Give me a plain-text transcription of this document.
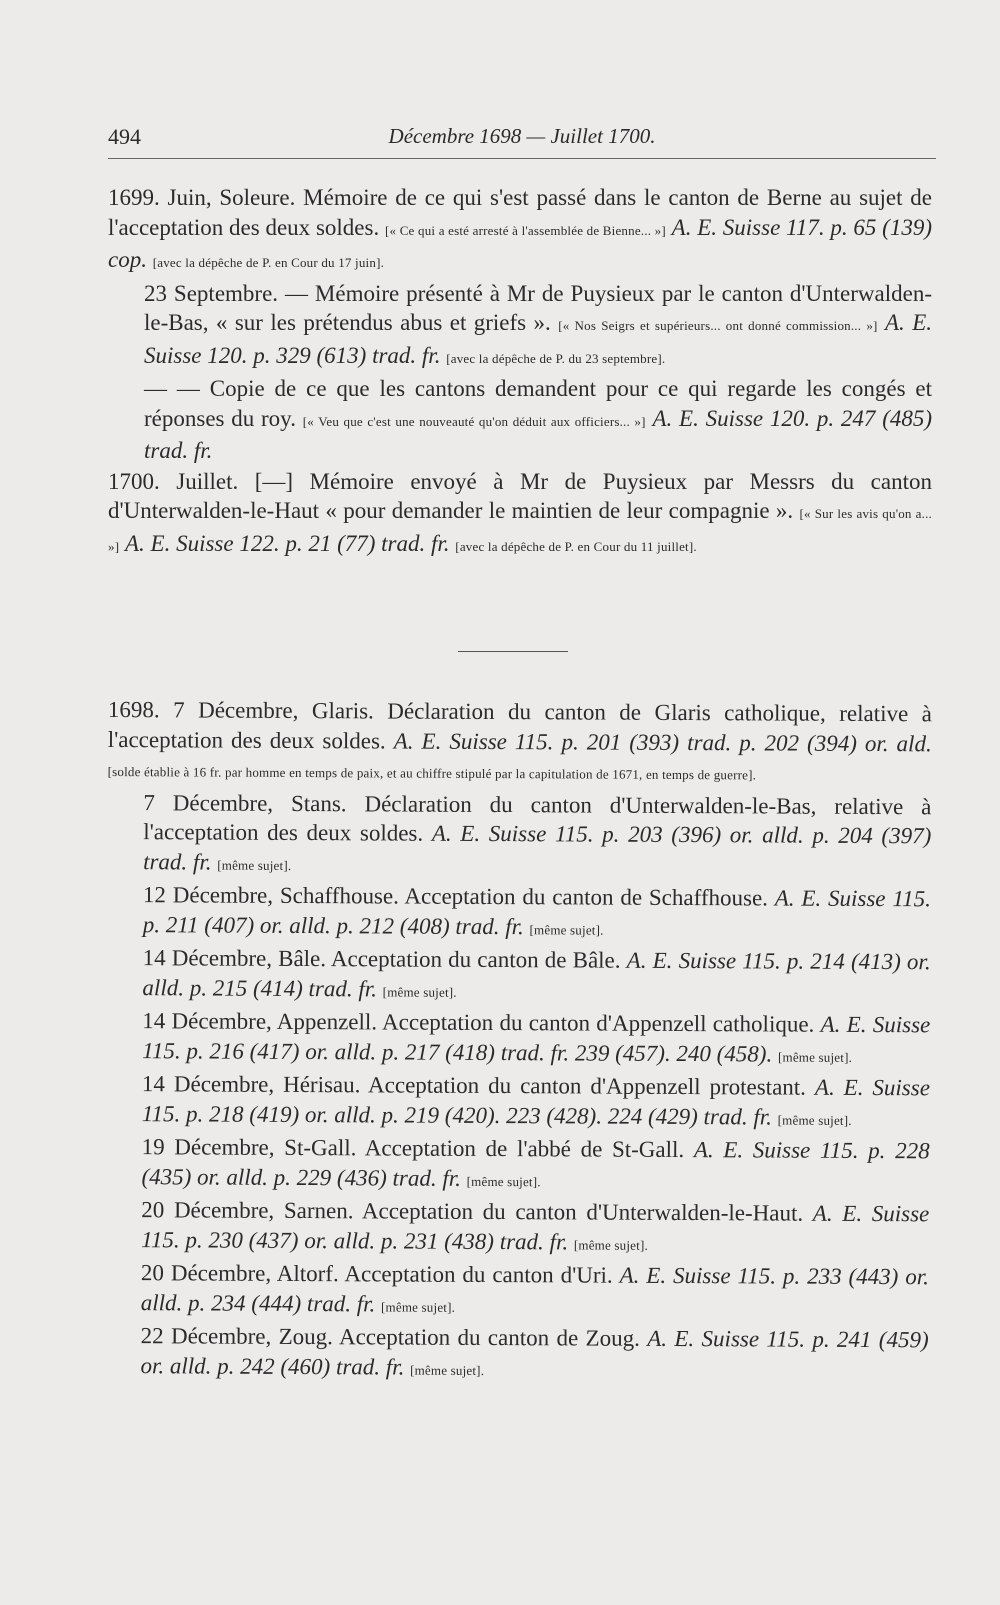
494	Décembre 1698 — Juillet 1700.
1699. Juin, Soleure. Mémoire de ce qui s'est passé dans le canton de Berne au sujet de l'acceptation des deux soldes. [« Ce qui a esté arresté à l'assemblée de Bienne... »] A. E. Suisse 117. p. 65 (139) cop. [avec la dépêche de P. en Cour du 17 juin].
23 Septembre. — Mémoire présenté à Mr de Puysieux par le canton d'Unterwalden-le-Bas, « sur les prétendus abus et griefs ». [« Nos Seigrs et supérieurs... ont donné commission... »] A. E. Suisse 120. p. 329 (613) trad. fr. [avec la dépêche de P. du 23 septembre].
— — Copie de ce que les cantons demandent pour ce qui regarde les congés et réponses du roy. [« Veu que c'est une nouveauté qu'on déduit aux officiers... »] A. E. Suisse 120. p. 247 (485) trad. fr.
1700. Juillet. [—] Mémoire envoyé à Mr de Puysieux par Messrs du canton d'Unterwalden-le-Haut « pour demander le maintien de leur compagnie ». [« Sur les avis qu'on a... »] A. E. Suisse 122. p. 21 (77) trad. fr. [avec la dépêche de P. en Cour du 11 juillet].
1698. 7 Décembre, Glaris. Déclaration du canton de Glaris catholique, relative à l'acceptation des deux soldes. A. E. Suisse 115. p. 201 (393) trad. p. 202 (394) or. ald. [solde établie à 16 fr. par homme en temps de paix, et au chiffre stipulé par la capitulation de 1671, en temps de guerre].
7 Décembre, Stans. Déclaration du canton d'Unterwalden-le-Bas, relative à l'acceptation des deux soldes. A. E. Suisse 115. p. 203 (396) or. alld. p. 204 (397) trad. fr. [même sujet].
12 Décembre, Schaffhouse. Acceptation du canton de Schaffhouse. A. E. Suisse 115. p. 211 (407) or. alld. p. 212 (408) trad. fr. [même sujet].
14 Décembre, Bâle. Acceptation du canton de Bâle. A. E. Suisse 115. p. 214 (413) or. alld. p. 215 (414) trad. fr. [même sujet].
14 Décembre, Appenzell. Acceptation du canton d'Appenzell catholique. A. E. Suisse 115. p. 216 (417) or. alld. p. 217 (418) trad. fr. 239 (457). 240 (458). [même sujet].
14 Décembre, Hérisau. Acceptation du canton d'Appenzell protestant. A. E. Suisse 115. p. 218 (419) or. alld. p. 219 (420). 223 (428). 224 (429) trad. fr. [même sujet].
19 Décembre, St-Gall. Acceptation de l'abbé de St-Gall. A. E. Suisse 115. p. 228 (435) or. alld. p. 229 (436) trad. fr. [même sujet].
20 Décembre, Sarnen. Acceptation du canton d'Unterwalden-le-Haut. A. E. Suisse 115. p. 230 (437) or. alld. p. 231 (438) trad. fr. [même sujet].
20 Décembre, Altorf. Acceptation du canton d'Uri. A. E. Suisse 115. p. 233 (443) or. alld. p. 234 (444) trad. fr. [même sujet].
22 Décembre, Zoug. Acceptation du canton de Zoug. A. E. Suisse 115. p. 241 (459) or. alld. p. 242 (460) trad. fr. [même sujet].
